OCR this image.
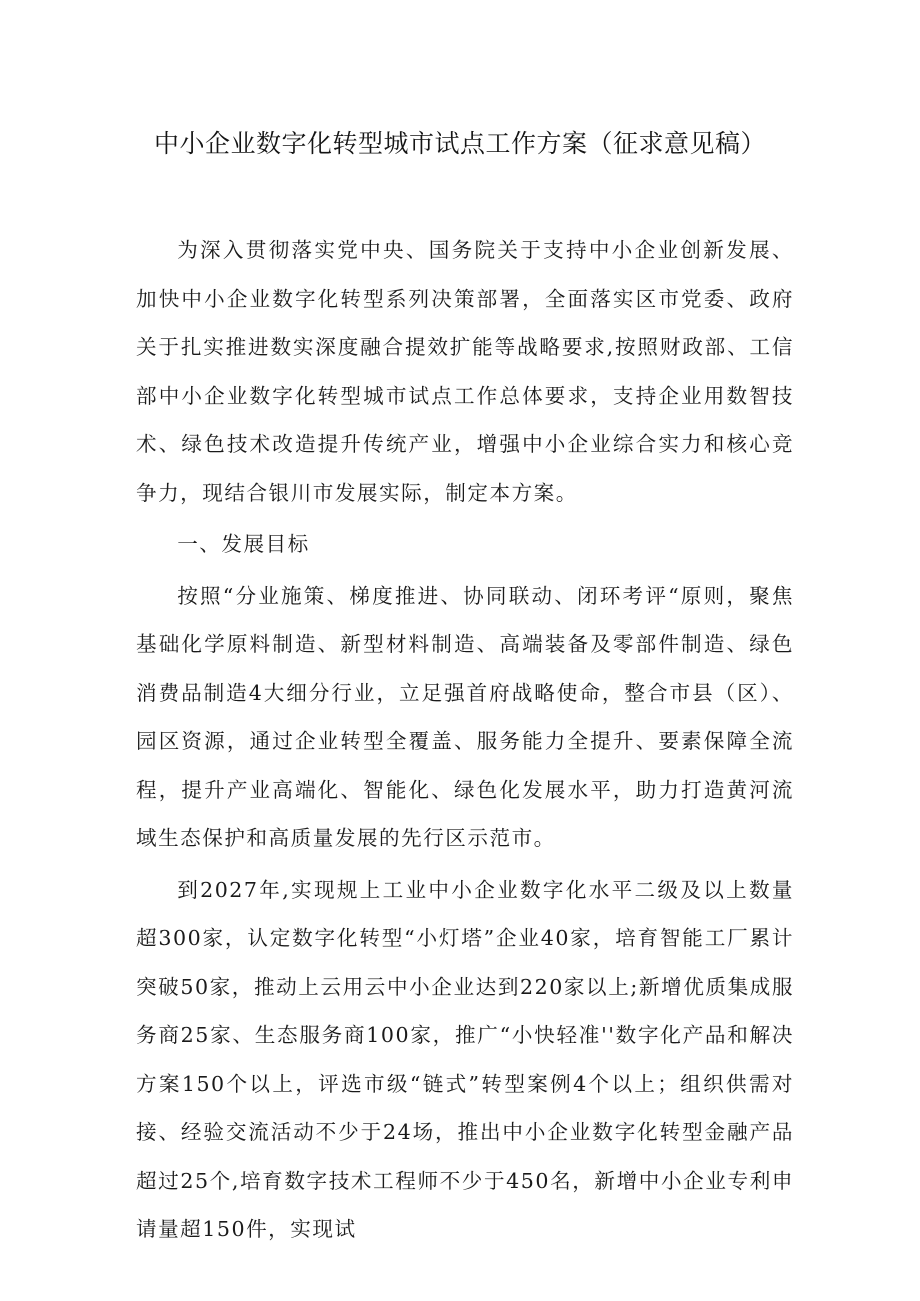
中小企业数字化转型城市试点工作方案（征求意见稿）

为深入贯彻落实党中央、国务院关于支持中小企业创新发展、加快中小企业数字化转型系列决策部署，全面落实区市党委、政府关于扎实推进数实深度融合提效扩能等战略要求,按照财政部、工信部中小企业数字化转型城市试点工作总体要求，支持企业用数智技术、绿色技术改造提升传统产业，增强中小企业综合实力和核心竞争力，现结合银川市发展实际，制定本方案。

一、发展目标

按照“分业施策、梯度推进、协同联动、闭环考评“原则，聚焦基础化学原料制造、新型材料制造、高端装备及零部件制造、绿色消费品制造4大细分行业，立足强首府战略使命，整合市县（区）、园区资源，通过企业转型全覆盖、服务能力全提升、要素保障全流程，提升产业高端化、智能化、绿色化发展水平，助力打造黄河流域生态保护和高质量发展的先行区示范市。

到2027年,实现规上工业中小企业数字化水平二级及以上数量超300家，认定数字化转型“小灯塔”企业40家，培育智能工厂累计突破50家，推动上云用云中小企业达到220家以上;新增优质集成服务商25家、生态服务商100家，推广“小快轻准''数字化产品和解决方案150个以上，评选市级“链式”转型案例4个以上；组织供需对接、经验交流活动不少于24场，推出中小企业数字化转型金融产品超过25个,培育数字技术工程师不少于450名，新增中小企业专利申请量超150件，实现试
